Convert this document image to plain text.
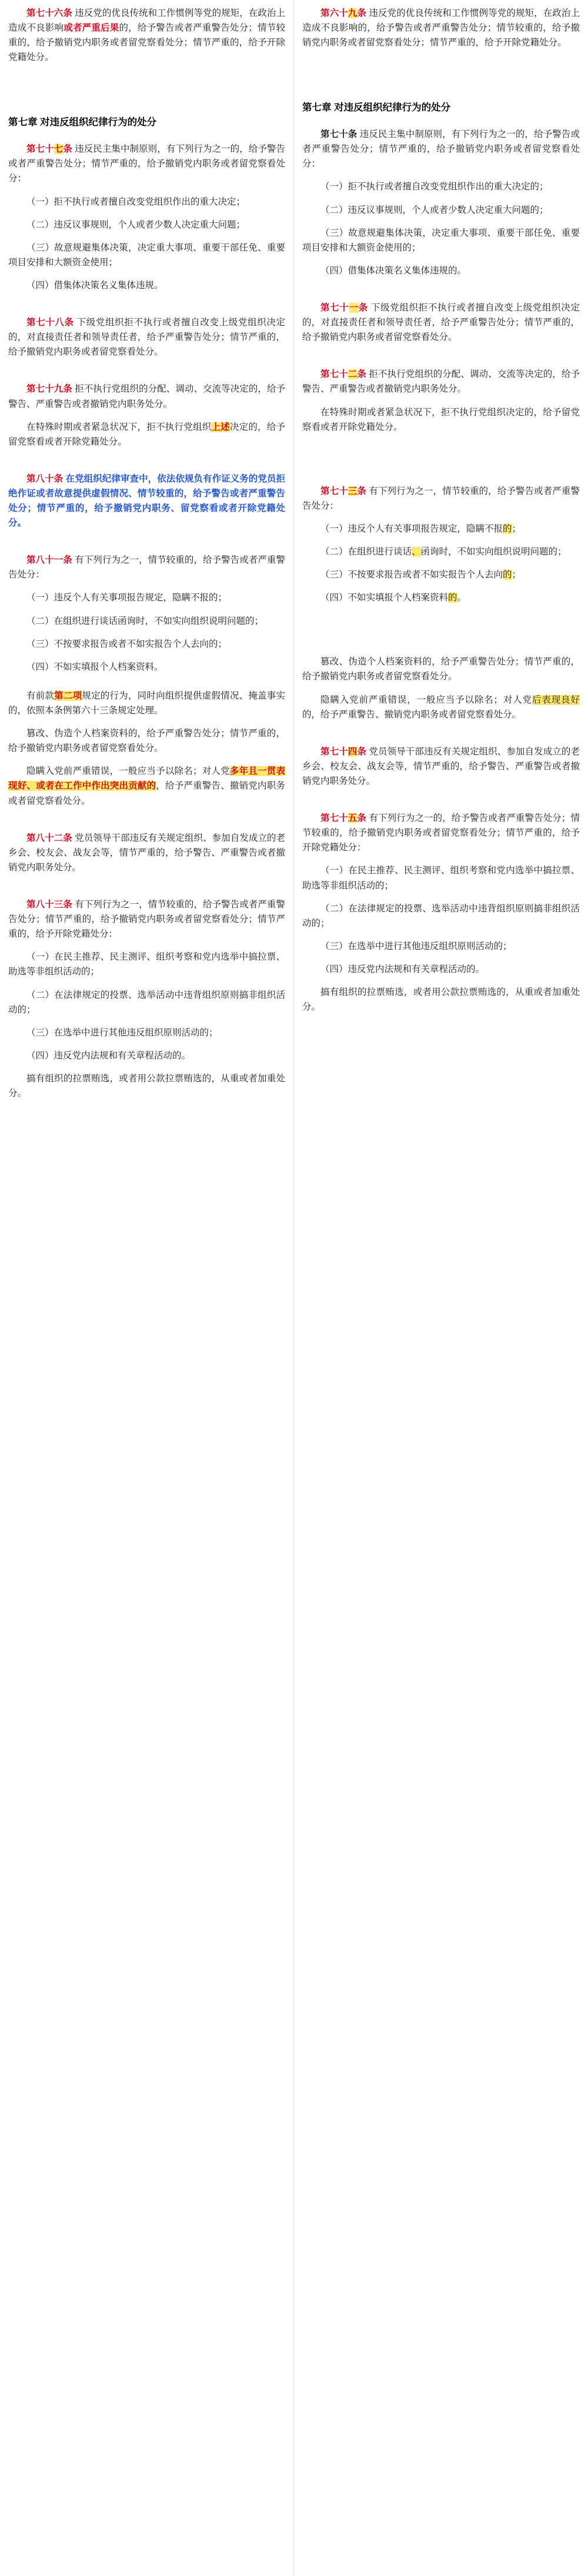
第七十六条 违反党的优良传统和工作惯例等党的规矩，在政治上造成不良影响或者严重后果的，给予警告或者严重警告处分；情节较重的，给予撤销党内职务或者留党察看处分；情节严重的，给予开除党籍处分。

第七章 对违反组织纪律行为的处分

第七十七条 违反民主集中制原则，有下列行为之一的，给予警告或者严重警告处分；情节严重的，给予撤销党内职务或者留党察看处分：

（一）拒不执行或者擅自改变党组织作出的重大决定；

（二）违反议事规则，个人或者少数人决定重大问题；

（三）故意规避集体决策，决定重大事项、重要干部任免、重要项目安排和大额资金使用；

（四）借集体决策名义集体违规。

第七十八条 下级党组织拒不执行或者擅自改变上级党组织决定的，对直接责任者和领导责任者，给予严重警告处分；情节严重的，给予撤销党内职务或者留党察看处分。

第七十九条 拒不执行党组织的分配、调动、交流等决定的，给予警告、严重警告或者撤销党内职务处分。

在特殊时期或者紧急状况下，拒不执行党组织上述决定的，给予留党察看或者开除党籍处分。

第八十条 在党组织纪律审查中，依法依规负有作证义务的党员拒绝作证或者故意提供虚假情况、情节较重的，给予警告或者严重警告处分；情节严重的，给予撤销党内职务、留党察看或者开除党籍处分。

第八十一条 有下列行为之一，情节较重的，给予警告或者严重警告处分：

（一）违反个人有关事项报告规定，隐瞒不报的；

（二）在组织进行谈话函询时，不如实向组织说明问题的；

（三）不按要求报告或者不如实报告个人去向的；

（四）不如实填报个人档案资料。

有前款第二项规定的行为，同时向组织提供虚假情况、掩盖事实的，依照本条例第六十三条规定处理。

篡改、伪造个人档案资料的，给予严重警告处分；情节严重的，给予撤销党内职务或者留党察看处分。

隐瞒入党前严重错误，一般应当予以除名；对人党多年且一贯表现好、或者在工作中作出突出贡献的，给予严重警告、撤销党内职务或者留党察看处分。

第八十二条 党员领导干部违反有关规定组织、参加自发成立的老乡会、校友会、战友会等，情节严重的，给予警告、严重警告或者撤销党内职务处分。

第八十三条 有下列行为之一，情节较重的，给予警告或者严重警告处分；情节严重的，给予撤销党内职务或者留党察看处分；情节严重的，给予开除党籍处分：

（一）在民主推荐、民主测评、组织考察和党内选举中搞拉票、助选等非组织活动的；

（二）在法律规定的投票、选举活动中违背组织原则搞非组织活动的；

（三）在选举中进行其他违反组织原则活动的；

（四）违反党内法规和有关章程活动的。

搞有组织的拉票贿选，或者用公款拉票贿选的，从重或者加重处分。

第六十九条 违反党的优良传统和工作惯例等党的规矩，在政治上造成不良影响的，给予警告或者严重警告处分；情节较重的，给予撤销党内职务或者留党察看处分；情节严重的，给予开除党籍处分。

第七章 对违反组织纪律行为的处分

第七十条 违反民主集中制原则，有下列行为之一的，给予警告或者严重警告处分；情节严重的，给予撤销党内职务或者留党察看处分：

（一）拒不执行或者擅自改变党组织作出的重大决定的；

（二）违反议事规则，个人或者少数人决定重大问题的；

（三）故意规避集体决策，决定重大事项、重要干部任免、重要项目安排和大额资金使用的；

（四）借集体决策名义集体违规的。

第七十一条 下级党组织拒不执行或者擅自改变上级党组织决定的，对直接责任者和领导责任者，给予严重警告处分；情节严重的，给予撤销党内职务或者留党察看处分。

第七十二条 拒不执行党组织的分配、调动、交流等决定的，给予警告、严重警告或者撤销党内职务处分。

在特殊时期或者紧急状况下，拒不执行党组织决定的，给予留党察看或者开除党籍处分。

第七十三条 有下列行为之一，情节较重的，给予警告或者严重警告处分：

（一）违反个人有关事项报告规定，隐瞒不报的；

（二）在组织进行谈话、函询时，不如实向组织说明问题的；

（三）不按要求报告或者不如实报告个人去向的；

（四）不如实填报个人档案资料的。

篡改、伪造个人档案资料的，给予严重警告处分；情节严重的，给予撤销党内职务或者留党察看处分。

隐瞒入党前严重错误，一般应当予以除名；对人党后表现良好的，给予严重警告、撤销党内职务或者留党察看处分。

第七十四条 党员领导干部违反有关规定组织、参加自发成立的老乡会、校友会、战友会等，情节严重的，给予警告、严重警告或者撤销党内职务处分。

第七十五条 有下列行为之一的，给予警告或者严重警告处分；情节较重的，给予撤销党内职务或者留党察看处分；情节严重的，给予开除党籍处分：

（一）在民主推荐、民主测评、组织考察和党内选举中搞拉票、助选等非组织活动的；

（二）在法律规定的投票、选举活动中违背组织原则搞非组织活动的；

（三）在选举中进行其他违反组织原则活动的；

（四）违反党内法规和有关章程活动的。

搞有组织的拉票贿选，或者用公款拉票贿选的，从重或者加重处分。
